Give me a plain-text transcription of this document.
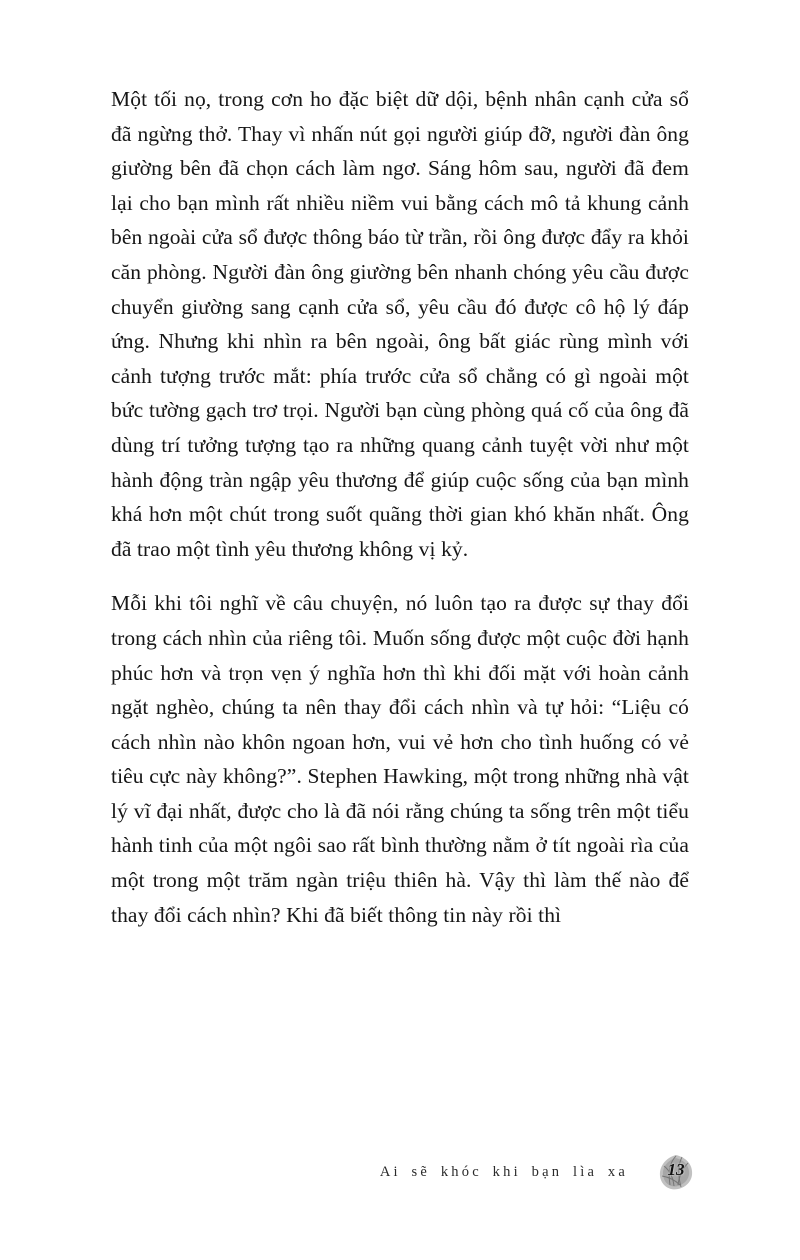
Một tối nọ, trong cơn ho đặc biệt dữ dội, bệnh nhân cạnh cửa sổ đã ngừng thở. Thay vì nhấn nút gọi người giúp đỡ, người đàn ông giường bên đã chọn cách làm ngơ. Sáng hôm sau, người đã đem lại cho bạn mình rất nhiều niềm vui bằng cách mô tả khung cảnh bên ngoài cửa sổ được thông báo từ trần, rồi ông được đẩy ra khỏi căn phòng. Người đàn ông giường bên nhanh chóng yêu cầu được chuyển giường sang cạnh cửa sổ, yêu cầu đó được cô hộ lý đáp ứng. Nhưng khi nhìn ra bên ngoài, ông bất giác rùng mình với cảnh tượng trước mắt: phía trước cửa sổ chẳng có gì ngoài một bức tường gạch trơ trọi. Người bạn cùng phòng quá cố của ông đã dùng trí tưởng tượng tạo ra những quang cảnh tuyệt vời như một hành động tràn ngập yêu thương để giúp cuộc sống của bạn mình khá hơn một chút trong suốt quãng thời gian khó khăn nhất. Ông đã trao một tình yêu thương không vị kỷ.

Mỗi khi tôi nghĩ về câu chuyện, nó luôn tạo ra được sự thay đổi trong cách nhìn của riêng tôi. Muốn sống được một cuộc đời hạnh phúc hơn và trọn vẹn ý nghĩa hơn thì khi đối mặt với hoàn cảnh ngặt nghèo, chúng ta nên thay đổi cách nhìn và tự hỏi: “Liệu có cách nhìn nào khôn ngoan hơn, vui vẻ hơn cho tình huống có vẻ tiêu cực này không?”. Stephen Hawking, một trong những nhà vật lý vĩ đại nhất, được cho là đã nói rằng chúng ta sống trên một tiểu hành tinh của một ngôi sao rất bình thường nằm ở tít ngoài rìa của một trong một trăm ngàn triệu thiên hà. Vậy thì làm thế nào để thay đổi cách nhìn? Khi đã biết thông tin này rồi thì

Ai sẽ khóc khi bạn lìa xa	13
